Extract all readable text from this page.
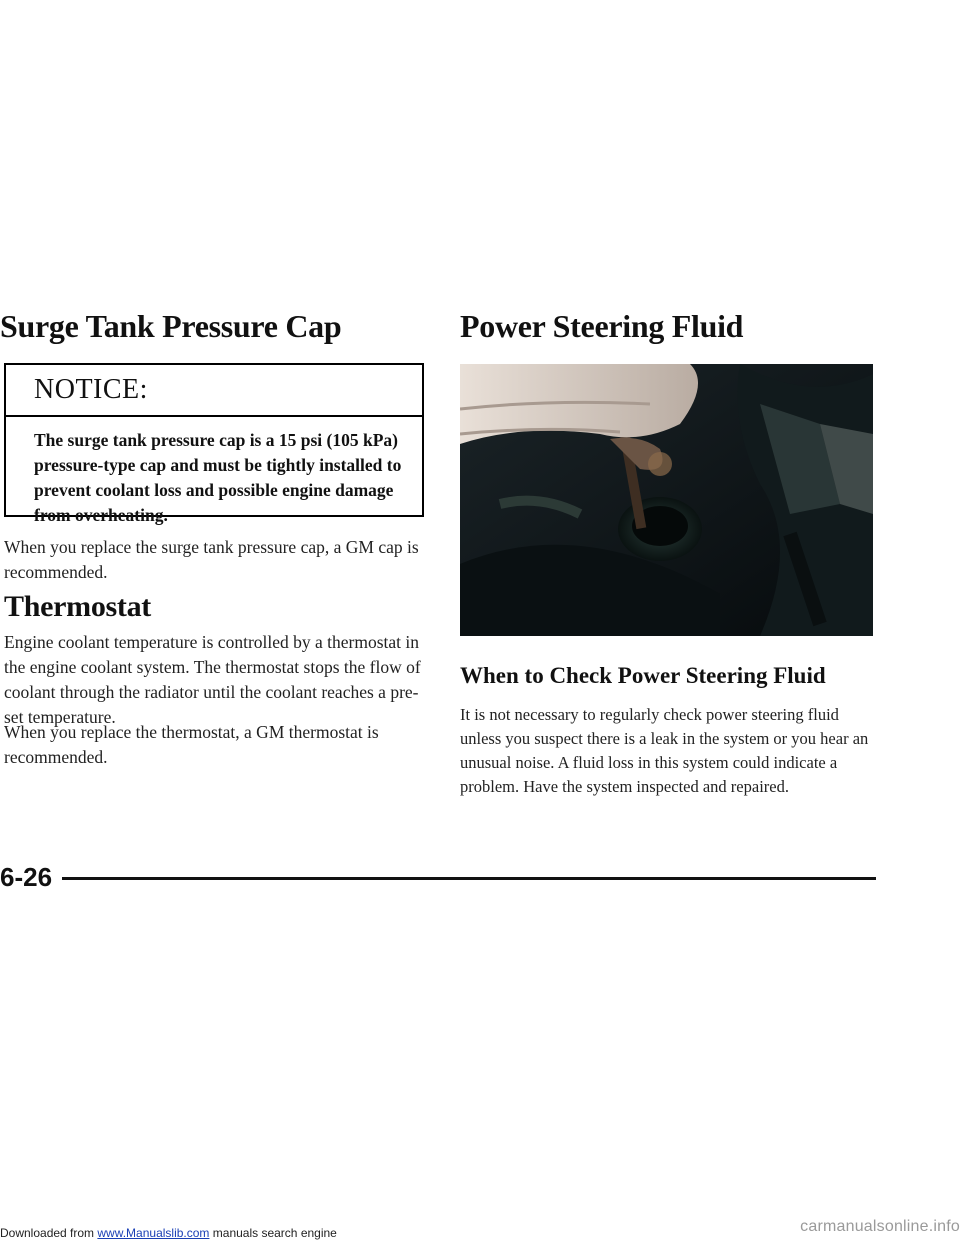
Surge Tank Pressure Cap
NOTICE:
The surge tank pressure cap is a 15 psi (105 kPa) pressure-type cap and must be tightly installed to prevent coolant loss and possible engine damage from overheating.
When you replace the surge tank pressure cap, a GM cap is recommended.
Thermostat
Engine coolant temperature is controlled by a thermostat in the engine coolant system. The thermostat stops the flow of coolant through the radiator until the coolant reaches a pre-set temperature.
When you replace the thermostat, a GM thermostat is recommended.
Power Steering Fluid
When to Check Power Steering Fluid
It is not necessary to regularly check power steering fluid unless you suspect there is a leak in the system or you hear an unusual noise. A fluid loss in this system could indicate a problem. Have the system inspected and repaired.
6-26
Downloaded from www.Manualslib.com manuals search engine	carmanualsonline.info
